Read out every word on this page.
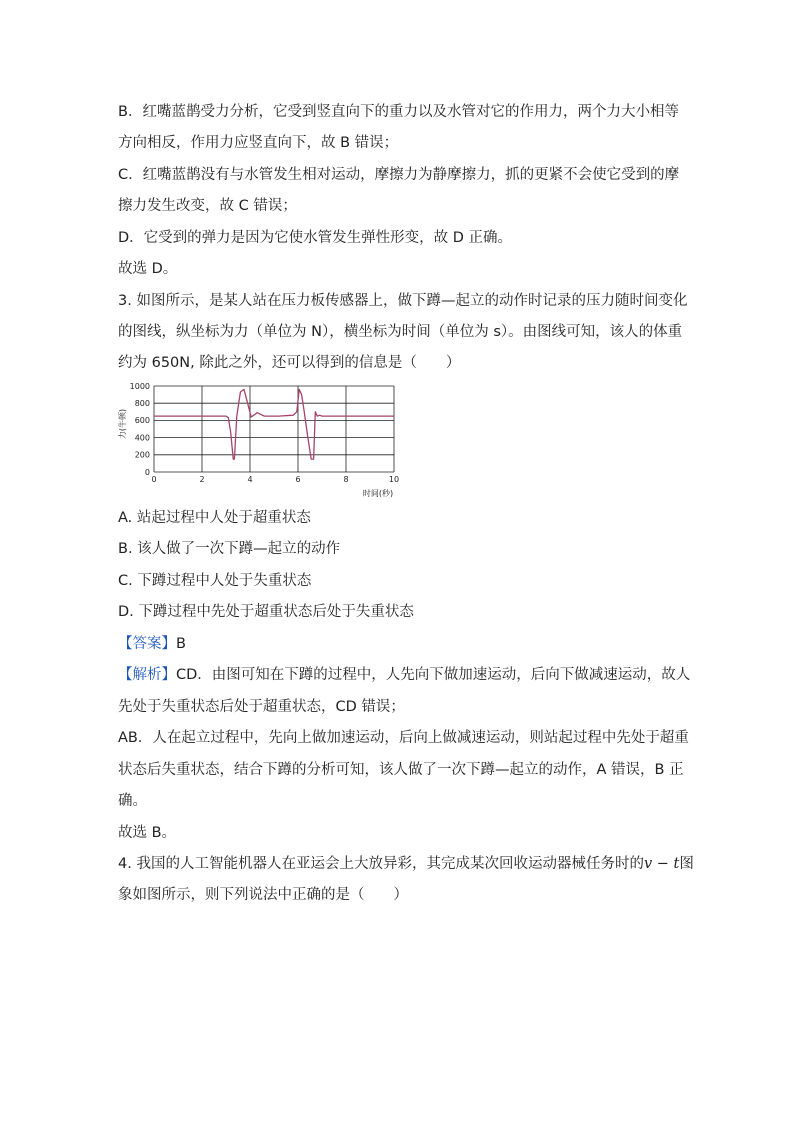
B．红嘴蓝鹊受力分析，它受到竖直向下的重力以及水管对它的作用力，两个力大小相等
方向相反，作用力应竖直向下，故 B 错误；
C．红嘴蓝鹊没有与水管发生相对运动，摩擦力为静摩擦力，抓的更紧不会使它受到的摩
擦力发生改变，故 C 错误；
D．它受到的弹力是因为它使水管发生弹性形变，故 D 正确。
故选 D。
3. 如图所示，是某人站在压力板传感器上，做下蹲—起立的动作时记录的压力随时间变化
的图线，纵坐标为力（单位为 N），横坐标为时间（单位为 s）。由图线可知，该人的体重
约为 650N, 除此之外，还可以得到的信息是（　　）
1000
800
600
400
200
0
0	2	4	6	8	10
力(牛顿)
时间(秒)
A. 站起过程中人处于超重状态
B. 该人做了一次下蹲—起立的动作
C. 下蹲过程中人处于失重状态
D. 下蹲过程中先处于超重状态后处于失重状态
【答案】B
【解析】CD．由图可知在下蹲的过程中，人先向下做加速运动，后向下做减速运动，故人
先处于失重状态后处于超重状态，CD 错误；
AB．人在起立过程中，先向上做加速运动，后向上做减速运动，则站起过程中先处于超重
状态后失重状态，结合下蹲的分析可知，该人做了一次下蹲—起立的动作，A 错误，B 正
确。
故选 B。
4. 我国的人工智能机器人在亚运会上大放异彩，其完成某次回收运动器械任务时的v − t图
象如图所示，则下列说法中正确的是（　　）
